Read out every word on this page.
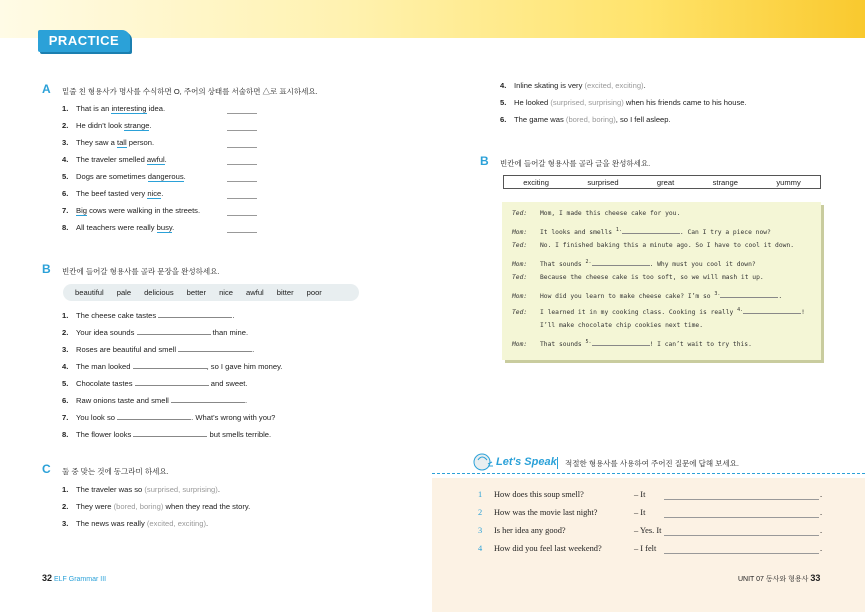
PRACTICE
A 밑줄 친 형용사가 명사를 수식하면 O, 주어의 상태를 서술하면 △로 표시하세요.
1. That is an interesting idea.
2. He didn’t look strange.
3. They saw a tall person.
4. The traveler smelled awful.
5. Dogs are sometimes dangerous.
6. The beef tasted very nice.
7. Big cows were walking in the streets.
8. All teachers were really busy.
B 빈칸에 들어갈 형용사를 골라 문장을 완성하세요.
beautiful pale delicious better nice awful bitter poor
1. The cheese cake tastes	.
2. Your idea sounds	than mine.
3. Roses are beautiful and smell	.
4. The man looked	, so I gave him money.
5. Chocolate tastes	and sweet.
6. Raw onions taste and smell	.
7. You look so	. What’s wrong with you?
8. The flower looks	but smells terrible.
C 둘 중 맞는 것에 동그라미 하세요.
1. The traveler was so (surprised, surprising).
2. They were (bored, boring) when they read the story.
3. The news was really (excited, exciting).
4. Inline skating is very (excited, exciting).
5. He looked (surprised, surprising) when his friends came to his house.
6. The game was (bored, boring), so I fell asleep.
B 빈칸에 들어갈 형용사를 골라 글을 완성하세요.
exciting	surprised	great	strange	yummy
Ted: Mom, I made this cheese cake for you.
Mom: It looks and smells $^{1.}$	. Can I try a piece now?
Ted: No. I finished baking this a minute ago. So I have to cool it down.
Mom: That sounds $^{2.}$	. Why must you cool it down?
Ted: Because the cheese cake is too soft, so we will mash it up.
Mom: How did you learn to make cheese cake? I’m so $^{3.}$	.
Ted: I learned it in my cooking class. Cooking is really $^{4.}$	!
I’ll make chocolate chip cookies next time.
Mom: That sounds $^{5.}$	! I can’t wait to try this.
Let's Speak 적절한 형용사를 사용하여 주어진 질문에 답해 보세요.
1 How does this soup smell?	– It	.
2 How was the movie last night?	– It	.
3 Is her idea any good?	– Yes. It	.
4 How did you feel last weekend?	– I felt	.
32 ELF Grammar III	UNIT 07 동사와 형용사 33
